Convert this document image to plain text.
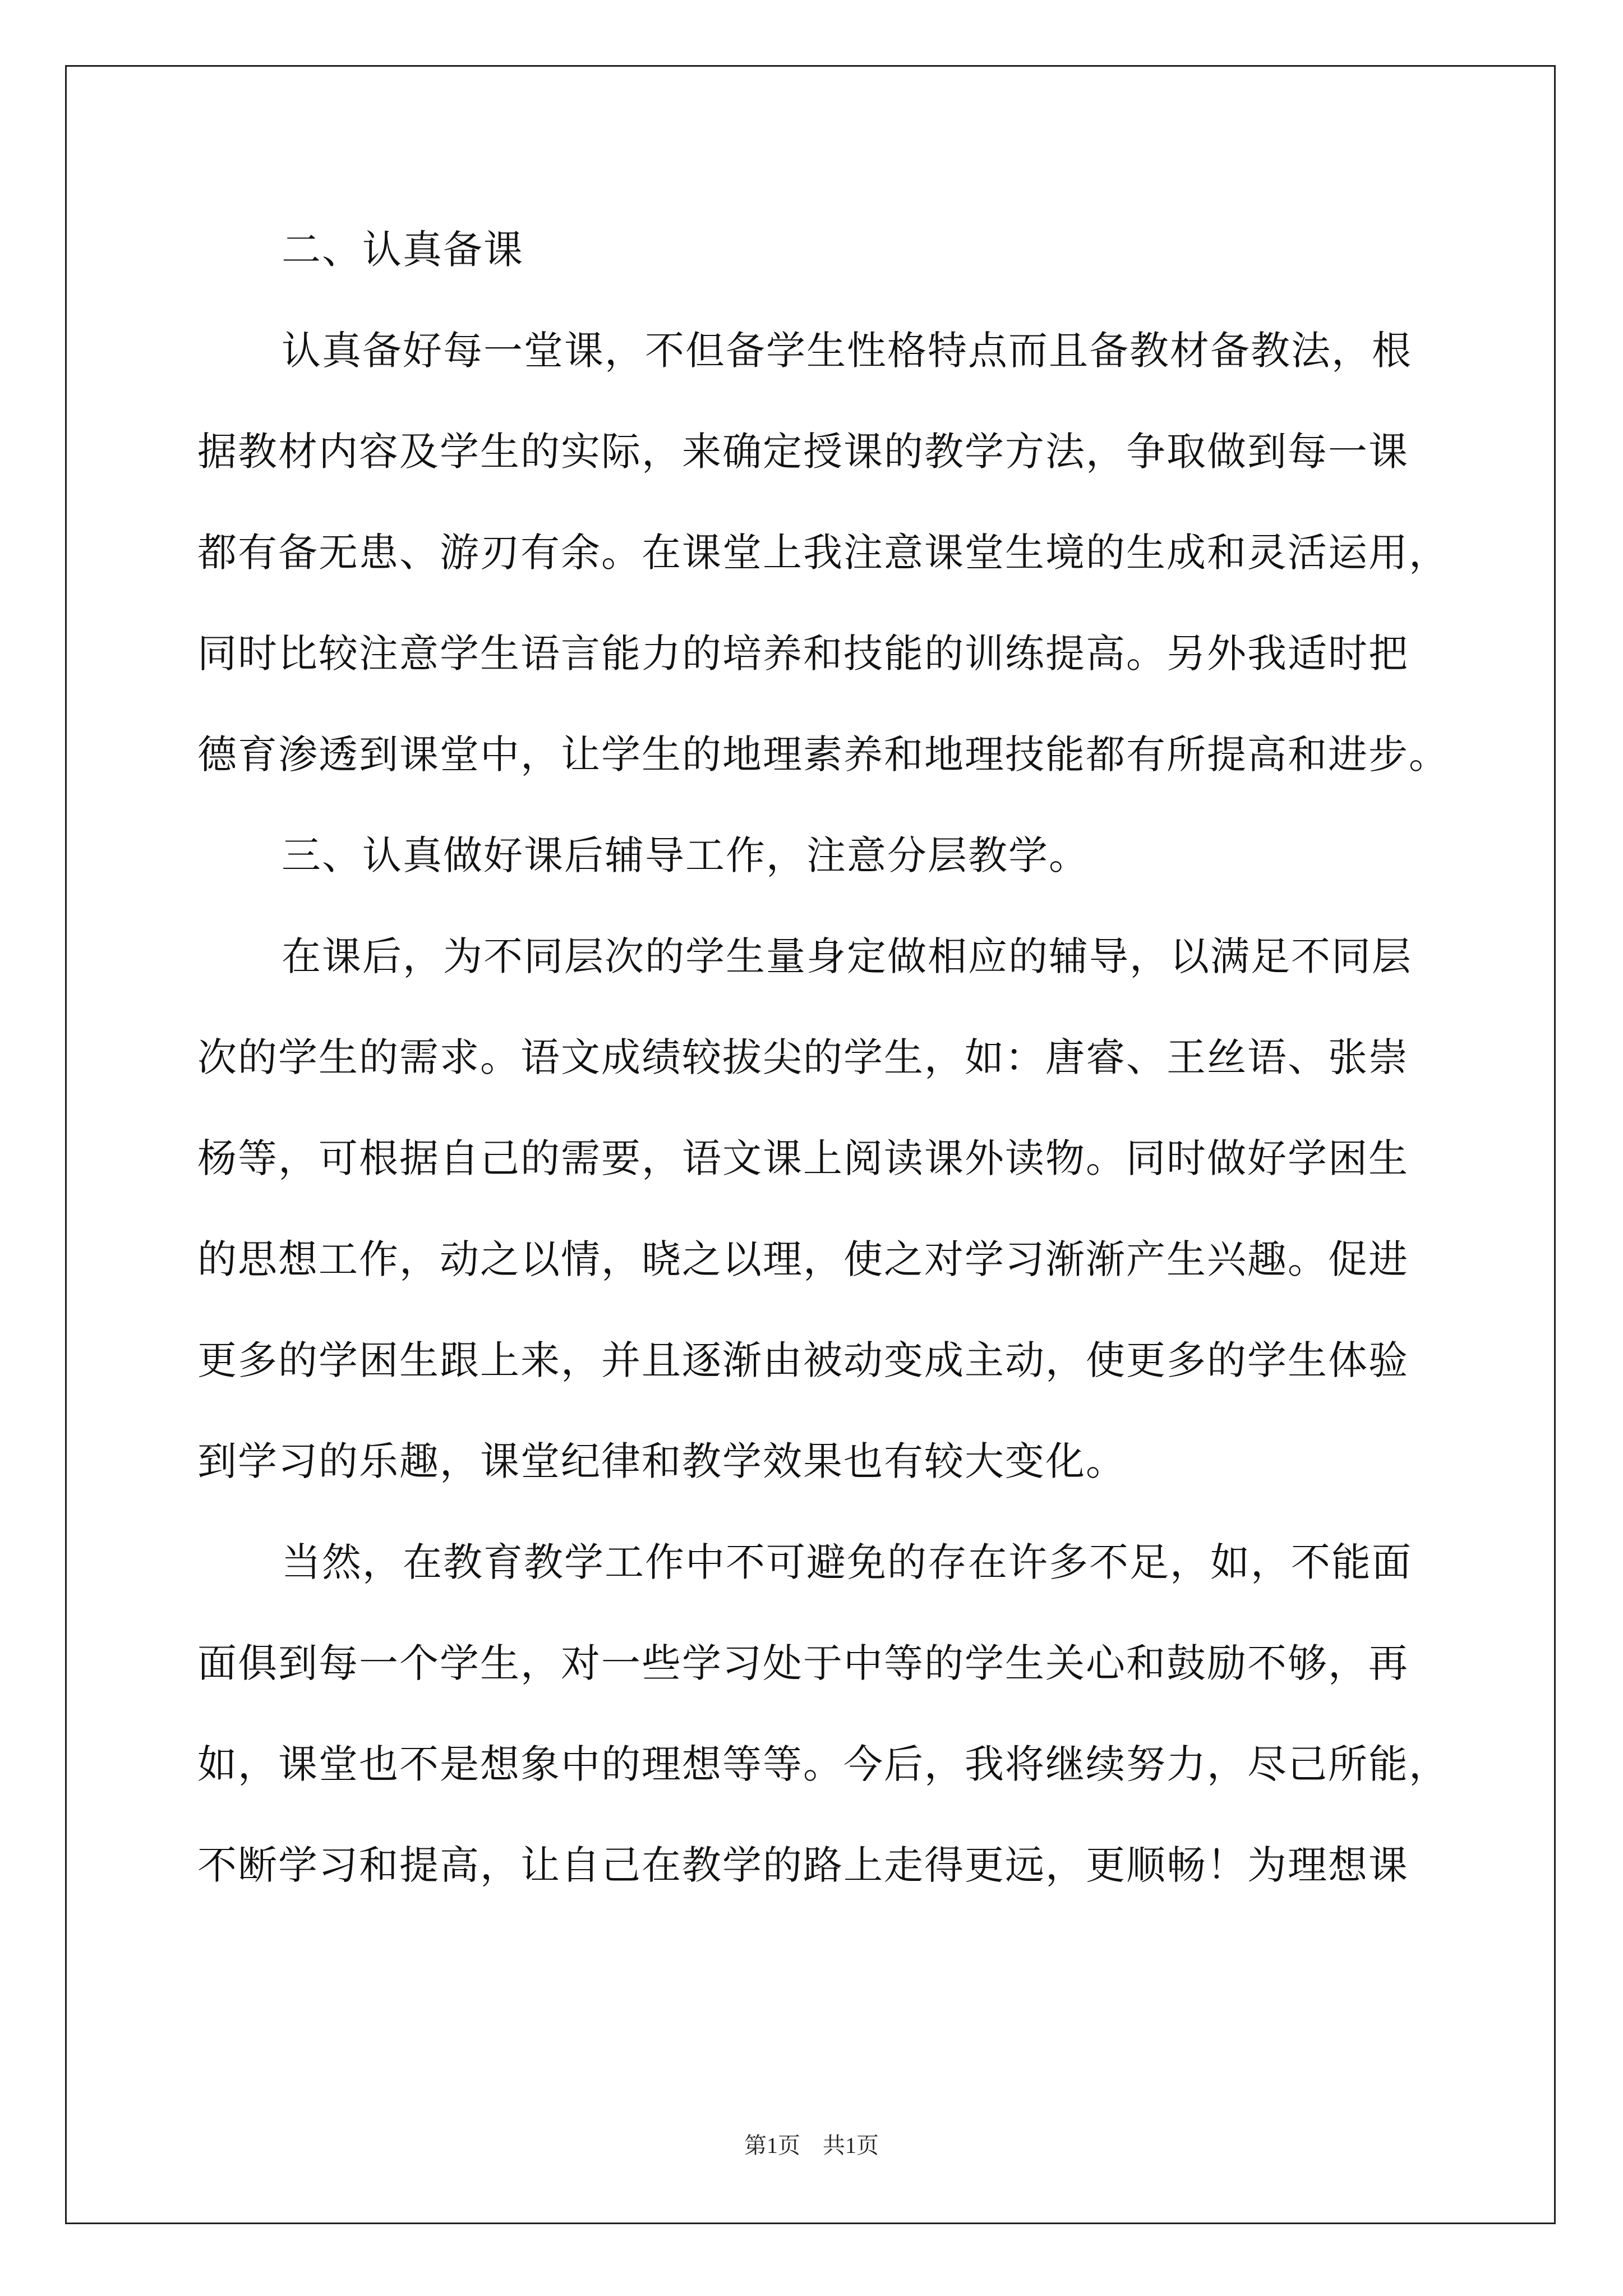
二、认真备课
认真备好每一堂课，不但备学生性格特点而且备教材备教法，根
据教材内容及学生的实际，来确定授课的教学方法，争取做到每一课
都有备无患、游刃有余。在课堂上我注意课堂生境的生成和灵活运用，
同时比较注意学生语言能力的培养和技能的训练提高。另外我适时把
德育渗透到课堂中，让学生的地理素养和地理技能都有所提高和进步。
三、认真做好课后辅导工作，注意分层教学。
在课后，为不同层次的学生量身定做相应的辅导，以满足不同层
次的学生的需求。语文成绩较拔尖的学生，如：唐睿、王丝语、张崇
杨等，可根据自己的需要，语文课上阅读课外读物。同时做好学困生
的思想工作，动之以情，晓之以理，使之对学习渐渐产生兴趣。促进
更多的学困生跟上来，并且逐渐由被动变成主动，使更多的学生体验
到学习的乐趣，课堂纪律和教学效果也有较大变化。
当然，在教育教学工作中不可避免的存在许多不足，如，不能面
面俱到每一个学生，对一些学习处于中等的学生关心和鼓励不够，再
如，课堂也不是想象中的理想等等。今后，我将继续努力，尽己所能，
不断学习和提高，让自己在教学的路上走得更远，更顺畅！为理想课
第1页　共1页
